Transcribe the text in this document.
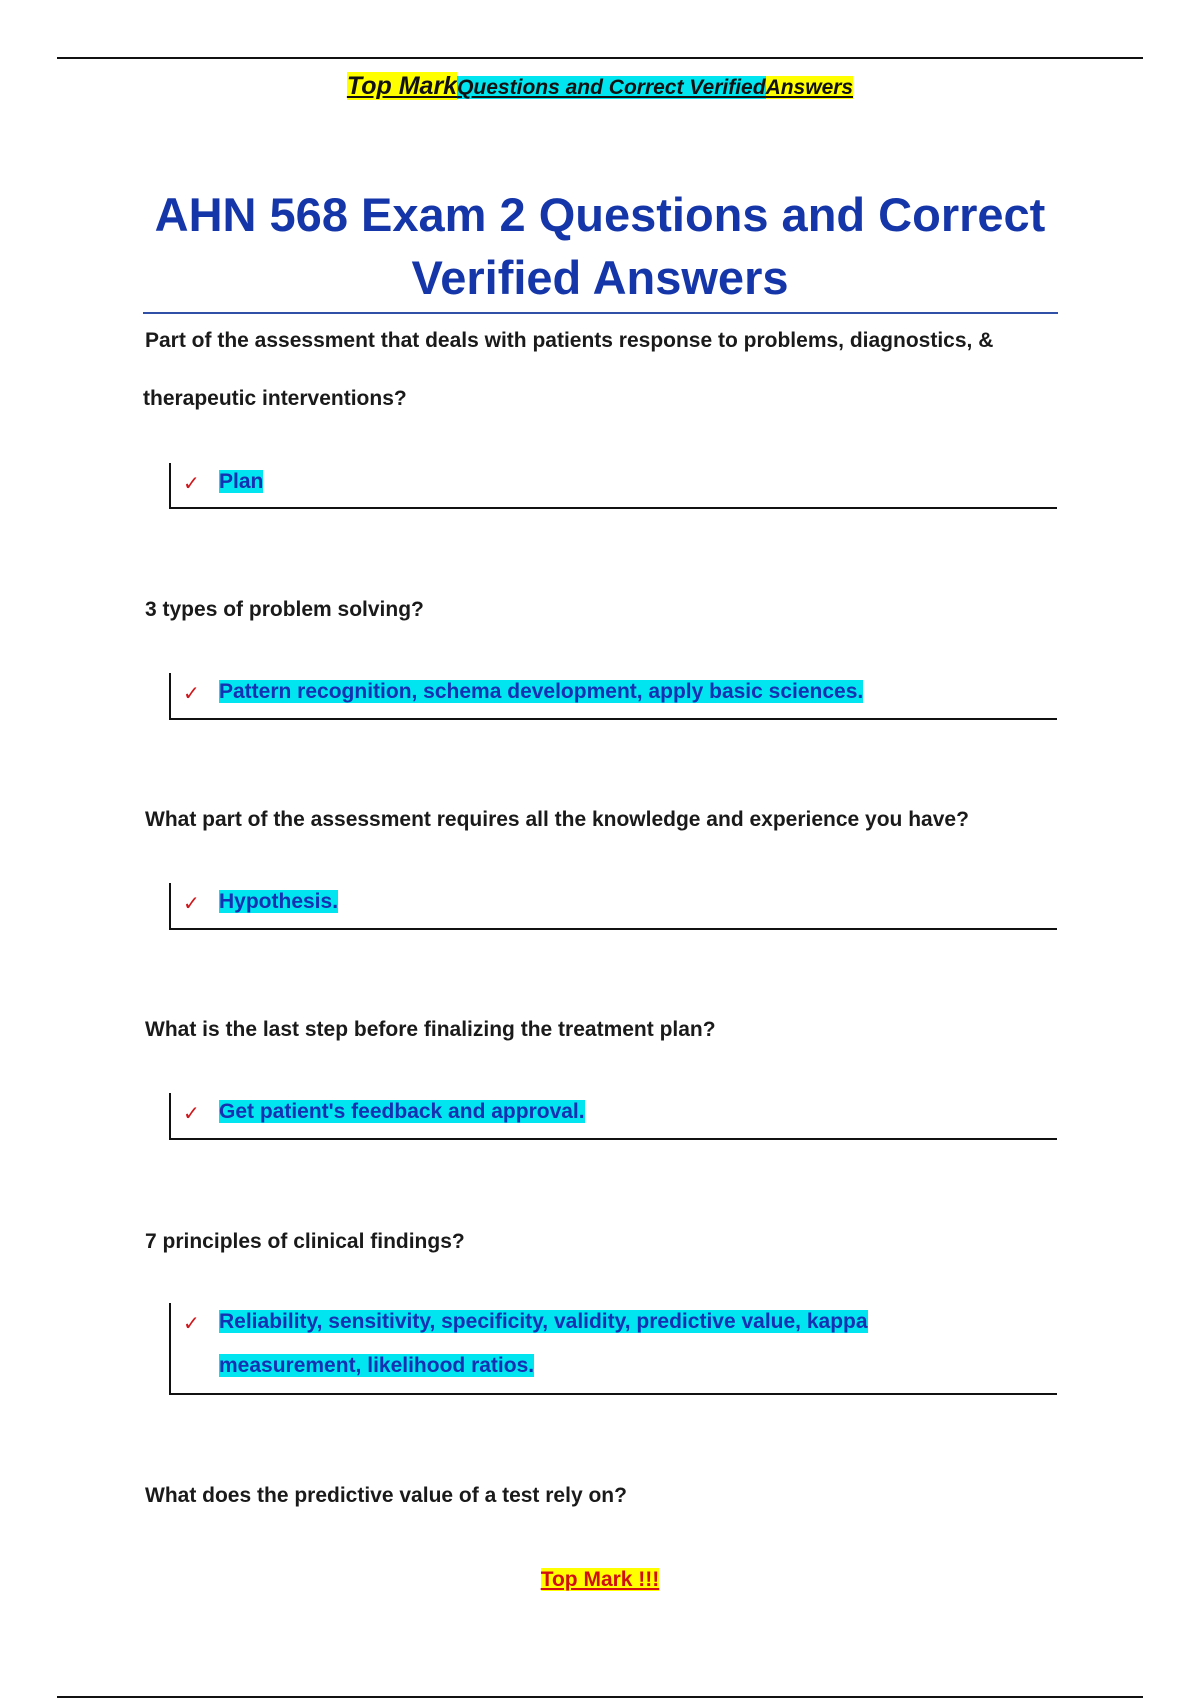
Top MarkQuestions and Correct VerifiedAnswers
AHN 568 Exam 2 Questions and Correct
Verified Answers
Part of the assessment that deals with patients response to problems, diagnostics, &
therapeutic interventions?
✓ Plan
3 types of problem solving?
✓ Pattern recognition, schema development, apply basic sciences.
What part of the assessment requires all the knowledge and experience you have?
✓ Hypothesis.
What is the last step before finalizing the treatment plan?
✓ Get patient's feedback and approval.
7 principles of clinical findings?
✓ Reliability, sensitivity, specificity, validity, predictive value, kappa
measurement, likelihood ratios.
What does the predictive value of a test rely on?
Top Mark !!!
